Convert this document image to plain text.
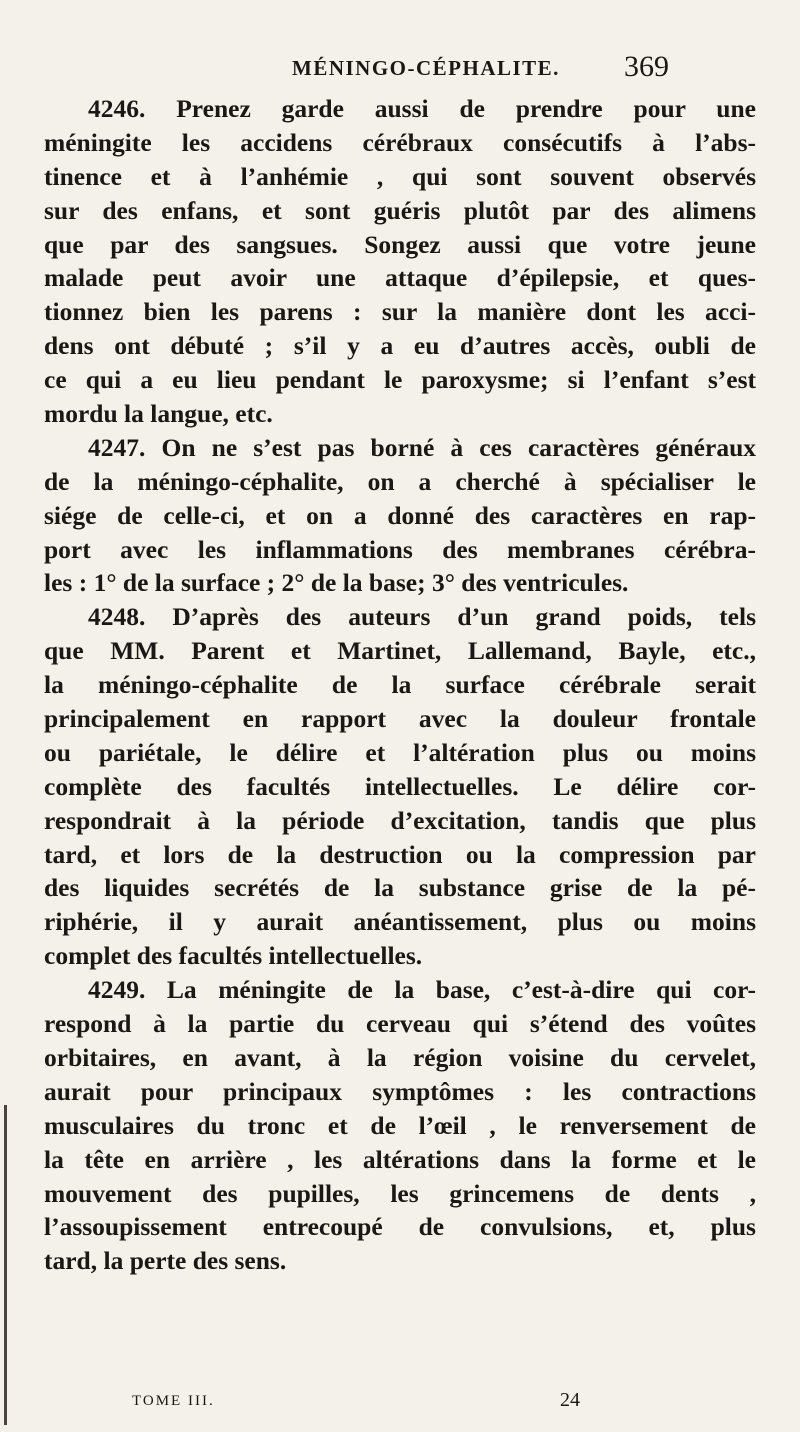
MÉNINGO-CÉPHALITE. 369
4246. Prenez garde aussi de prendre pour une
méningite les accidens cérébraux consécutifs à l’abs-
tinence et à l’anhémie , qui sont souvent observés
sur des enfans, et sont guéris plutôt par des alimens
que par des sangsues. Songez aussi que votre jeune
malade peut avoir une attaque d’épilepsie, et ques-
tionnez bien les parens : sur la manière dont les acci-
dens ont débuté ; s’il y a eu d’autres accès, oubli de
ce qui a eu lieu pendant le paroxysme; si l’enfant s’est
mordu la langue, etc.
4247. On ne s’est pas borné à ces caractères généraux
de la méningo-céphalite, on a cherché à spécialiser le
siége de celle-ci, et on a donné des caractères en rap-
port avec les inflammations des membranes cérébra-
les : 1° de la surface ; 2° de la base; 3° des ventricules.
4248. D’après des auteurs d’un grand poids, tels
que MM. Parent et Martinet, Lallemand, Bayle, etc.,
la méningo-céphalite de la surface cérébrale serait
principalement en rapport avec la douleur frontale
ou pariétale, le délire et l’altération plus ou moins
complète des facultés intellectuelles. Le délire cor-
respondrait à la période d’excitation, tandis que plus
tard, et lors de la destruction ou la compression par
des liquides secrétés de la substance grise de la pé-
riphérie, il y aurait anéantissement, plus ou moins
complet des facultés intellectuelles.
4249. La méningite de la base, c’est-à-dire qui cor-
respond à la partie du cerveau qui s’étend des voûtes
orbitaires, en avant, à la région voisine du cervelet,
aurait pour principaux symptômes : les contractions
musculaires du tronc et de l’œil , le renversement de
la tête en arrière , les altérations dans la forme et le
mouvement des pupilles, les grincemens de dents ,
l’assoupissement entrecoupé de convulsions, et, plus
tard, la perte des sens.
TOME III.	24
